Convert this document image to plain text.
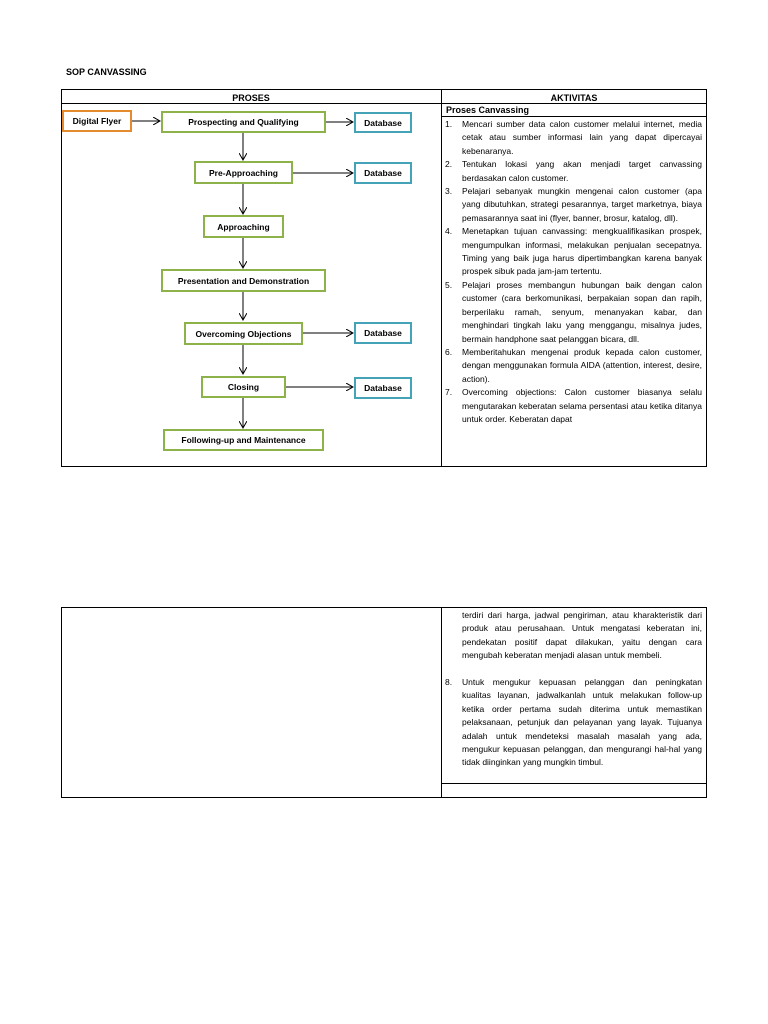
SOP CANVASSING
PROSES	AKTIVITAS
Proses Canvassing
Digital Flyer	Prospecting and Qualifying
Pre-Approaching
Approaching
Presentation and Demonstration
Overcoming Objections
Closing
Following-up and Maintenance
Database
Database
Database
Database
1.	Mencari sumber data calon customer melalui internet, media cetak atau sumber informasi lain yang dapat dipercayai kebenaranya.
2.	Tentukan lokasi yang akan menjadi target canvassing berdasakan calon customer.
3.	Pelajari sebanyak mungkin mengenai calon customer (apa yang dibutuhkan, strategi pesarannya, target marketnya, biaya pemasarannya saat ini (flyer, banner, brosur, katalog, dll).
4.	Menetapkan tujuan canvassing: mengkualifikasikan prospek, mengumpulkan informasi, melakukan penjualan secepatnya. Timing yang baik juga harus dipertimbangkan karena banyak prospek sibuk pada jam-jam tertentu.
5.	Pelajari proses membangun hubungan baik dengan calon customer (cara berkomunikasi, berpakaian sopan dan rapih, berperilaku ramah, senyum, menanyakan kabar, dan menghindari tingkah laku yang menggangu, misalnya judes, bermain handphone saat pelanggan bicara, dll.
6.	Memberitahukan mengenai produk kepada calon customer, dengan menggunakan formula AIDA (attention, interest, desire, action).
7.	Overcoming objections: Calon customer biasanya selalu mengutarakan keberatan selama persentasi atau ketika ditanya untuk order. Keberatan dapat
terdiri dari harga, jadwal pengiriman, atau kharakteristik dari produk atau perusahaan. Untuk mengatasi keberatan ini, pendekatan positif dapat dilakukan, yaitu dengan cara mengubah keberatan menjadi alasan untuk membeli.
8.	Untuk mengukur kepuasan pelanggan dan peningkatan kualitas layanan, jadwalkanlah untuk melakukan follow-up ketika order pertama sudah diterima untuk memastikan pelaksanaan, petunjuk dan pelayanan yang layak. Tujuanya adalah untuk mendeteksi masalah masalah yang ada, mengukur kepuasan pelanggan, dan mengurangi hal-hal yang tidak diinginkan yang mungkin timbul.
